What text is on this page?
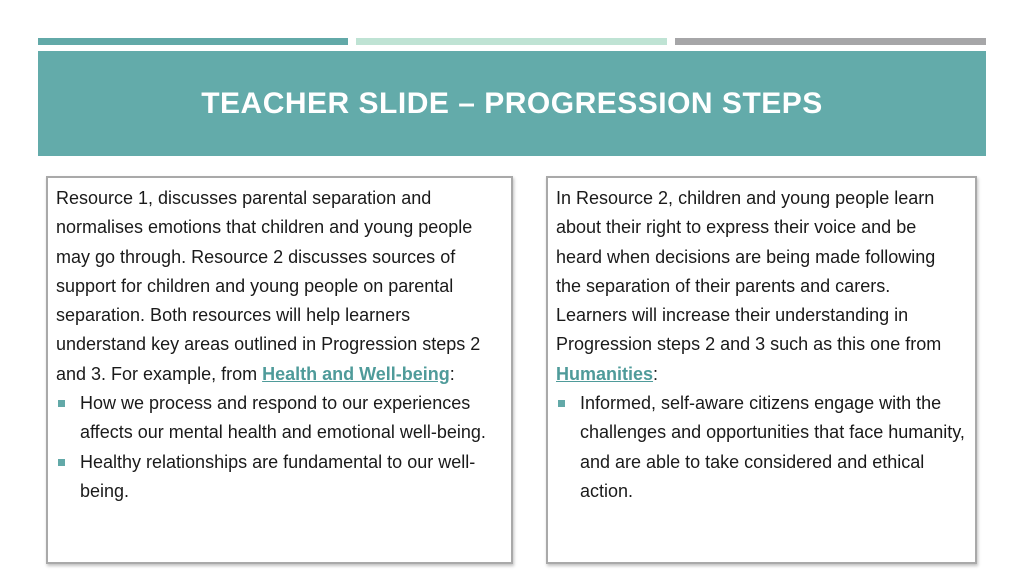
TEACHER SLIDE – PROGRESSION STEPS

Resource 1, discusses parental separation and normalises emotions that children and young people may go through. Resource 2 discusses sources of support for children and young people on parental separation. Both resources will help learners understand key areas outlined in Progression steps 2 and 3. For example, from Health and Well-being:

How we process and respond to our experiences affects our mental health and emotional well-being.
Healthy relationships are fundamental to our well-being.

In Resource 2, children and young people learn about their right to express their voice and be heard when decisions are being made following the separation of their parents and carers. Learners will increase their understanding in Progression steps 2 and 3 such as this one from Humanities:

Informed, self-aware citizens engage with the challenges and opportunities that face humanity, and are able to take considered and ethical action.
